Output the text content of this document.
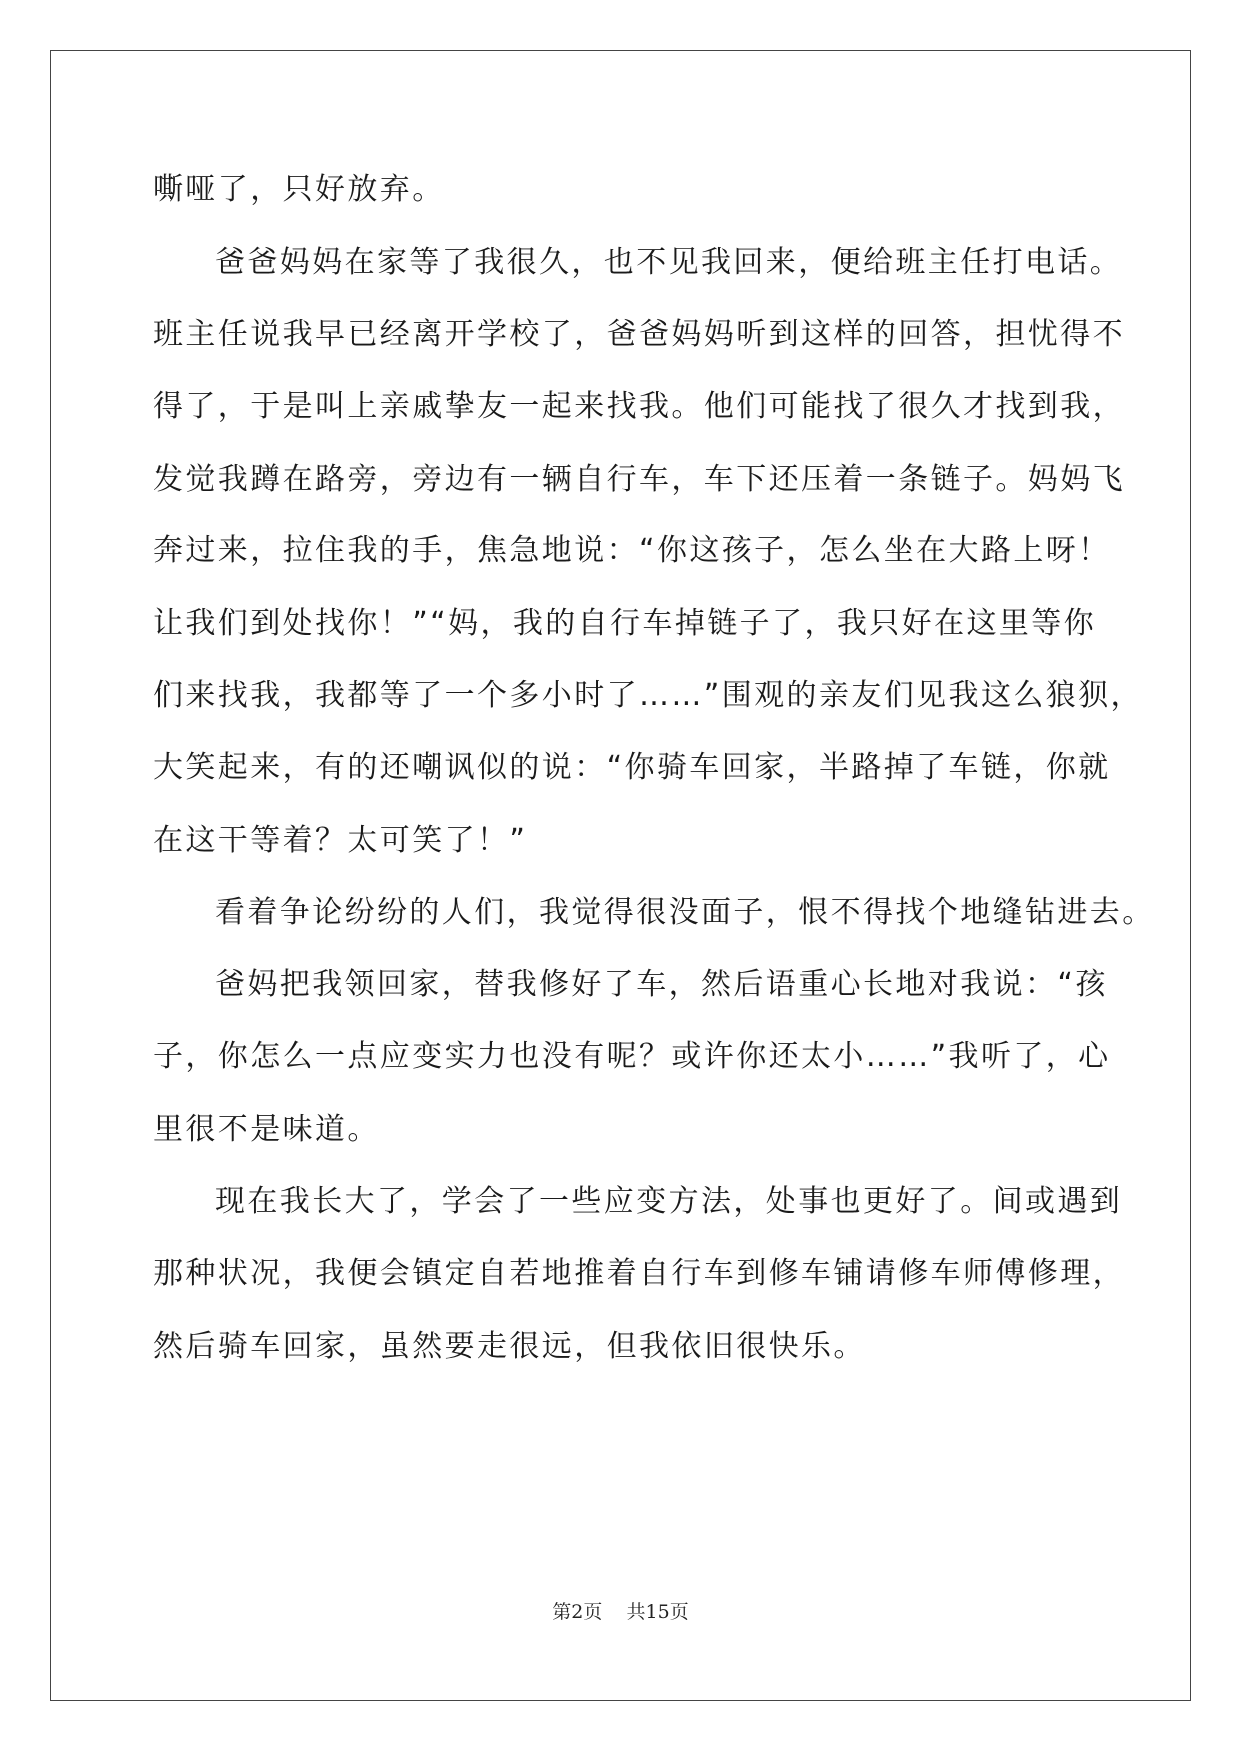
嘶哑了，只好放弃。
爸爸妈妈在家等了我很久，也不见我回来，便给班主任打电话。
班主任说我早已经离开学校了，爸爸妈妈听到这样的回答，担忧得不
得了，于是叫上亲戚挚友一起来找我。他们可能找了很久才找到我，
发觉我蹲在路旁，旁边有一辆自行车，车下还压着一条链子。妈妈飞
奔过来，拉住我的手，焦急地说：“你这孩子，怎么坐在大路上呀！
让我们到处找你！”“妈，我的自行车掉链子了，我只好在这里等你
们来找我，我都等了一个多小时了……”围观的亲友们见我这么狼狈，
大笑起来，有的还嘲讽似的说：“你骑车回家，半路掉了车链，你就
在这干等着？太可笑了！”
看着争论纷纷的人们，我觉得很没面子，恨不得找个地缝钻进去。
爸妈把我领回家，替我修好了车，然后语重心长地对我说：“孩
子，你怎么一点应变实力也没有呢？或许你还太小……”我听了，心
里很不是味道。
现在我长大了，学会了一些应变方法，处事也更好了。间或遇到
那种状况，我便会镇定自若地推着自行车到修车铺请修车师傅修理，
然后骑车回家，虽然要走很远，但我依旧很快乐。
第2页 共15页
